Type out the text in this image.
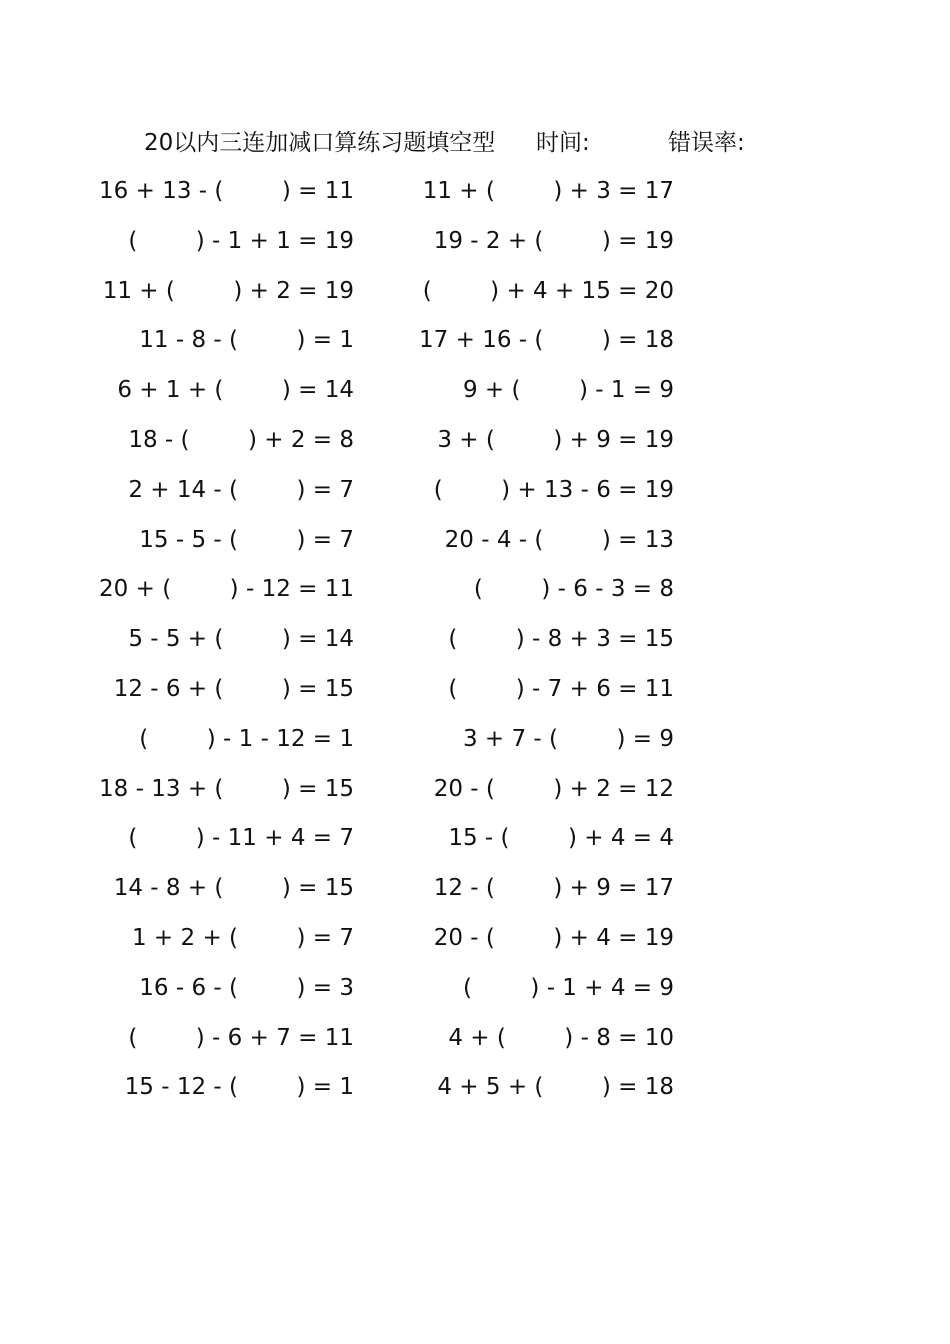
20以内三连加减口算练习题填空型 时间:	错误率:
16 + 13 - (        ) = 11	11 + (        ) + 3 = 17
(        ) - 1 + 1 = 19	19 - 2 + (        ) = 19
11 + (        ) + 2 = 19	(        ) + 4 + 15 = 20
11 - 8 - (        ) = 1	17 + 16 - (        ) = 18
6 + 1 + (        ) = 14	9 + (        ) - 1 = 9
18 - (        ) + 2 = 8	3 + (        ) + 9 = 19
2 + 14 - (        ) = 7	(        ) + 13 - 6 = 19
15 - 5 - (        ) = 7	20 - 4 - (        ) = 13
20 + (        ) - 12 = 11	(        ) - 6 - 3 = 8
5 - 5 + (        ) = 14	(        ) - 8 + 3 = 15
12 - 6 + (        ) = 15	(        ) - 7 + 6 = 11
(        ) - 1 - 12 = 1	3 + 7 - (        ) = 9
18 - 13 + (        ) = 15	20 - (        ) + 2 = 12
(        ) - 11 + 4 = 7	15 - (        ) + 4 = 4
14 - 8 + (        ) = 15	12 - (        ) + 9 = 17
1 + 2 + (        ) = 7	20 - (        ) + 4 = 19
16 - 6 - (        ) = 3	(        ) - 1 + 4 = 9
(        ) - 6 + 7 = 11	4 + (        ) - 8 = 10
15 - 12 - (        ) = 1	4 + 5 + (        ) = 18
